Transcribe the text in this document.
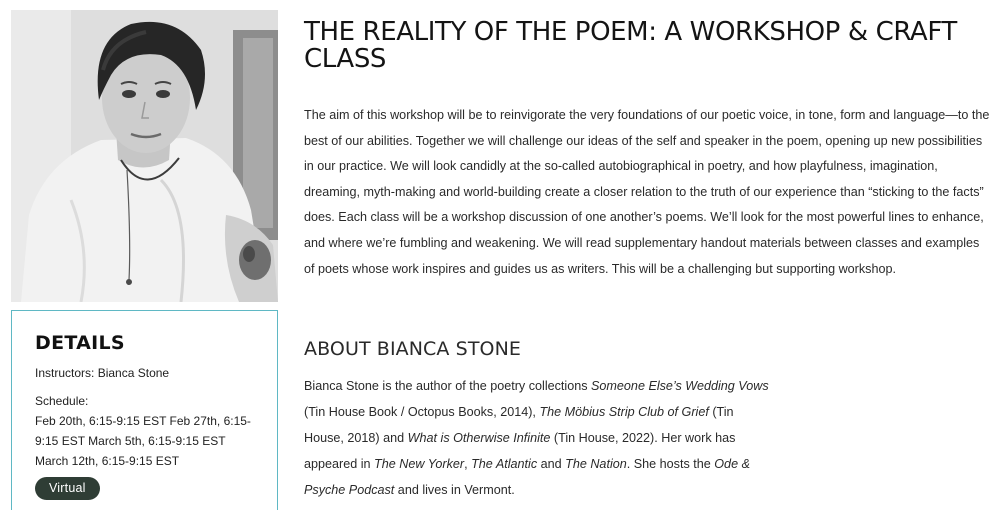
DETAILS

Instructors: Bianca Stone

Schedule:

Feb 20th, 6:15-9:15 EST Feb 27th, 6:15-9:15 EST March 5th, 6:15-9:15 EST March 12th, 6:15-9:15 EST

Virtual
THE REALITY OF THE POEM: A WORKSHOP & CRAFT CLASS

The aim of this workshop will be to reinvigorate the very foundations of our poetic voice, in tone, form and language—to the best of our abilities. Together we will challenge our ideas of the self and speaker in the poem, opening up new possibilities in our practice. We will look candidly at the so-called autobiographical in poetry, and how playfulness, imagination, dreaming, myth-making and world-building create a closer relation to the truth of our experience than “sticking to the facts” does. Each class will be a workshop discussion of one another’s poems. We’ll look for the most powerful lines to enhance, and where we’re fumbling and weakening. We will read supplementary handout materials between classes and examples of poets whose work inspires and guides us as writers. This will be a challenging but supporting workshop.

ABOUT BIANCA STONE

Bianca Stone is the author of the poetry collections Someone Else’s Wedding Vows (Tin House Book / Octopus Books, 2014), The Möbius Strip Club of Grief (Tin House, 2018) and What is Otherwise Infinite (Tin House, 2022). Her work has appeared in The New Yorker, The Atlantic and The Nation. She hosts the Ode & Psyche Podcast and lives in Vermont.
